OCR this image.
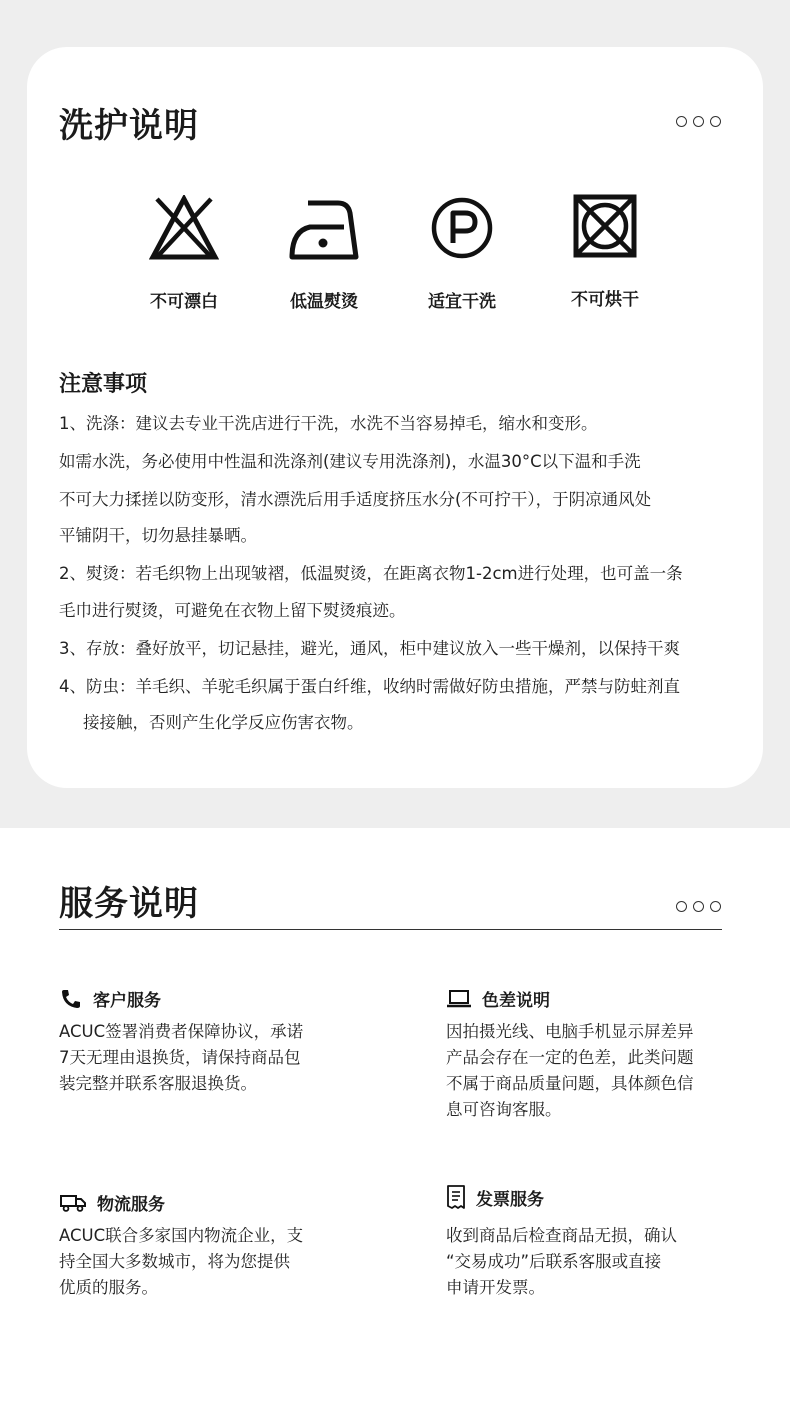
洗护说明
不可漂白	低温熨烫	适宜干洗	不可烘干
注意事项
1、洗涤：建议去专业干洗店进行干洗，水洗不当容易掉毛，缩水和变形。
如需水洗，务必使用中性温和洗涤剂(建议专用洗涤剂)，水温30°C以下温和手洗
不可大力揉搓以防变形，清水漂洗后用手适度挤压水分(不可拧干），于阴凉通风处
平铺阴干，切勿悬挂暴晒。
2、熨烫：若毛织物上出现皱褶，低温熨烫，在距离衣物1-2cm进行处理，也可盖一条
毛巾进行熨烫，可避免在衣物上留下熨烫痕迹。
3、存放：叠好放平，切记悬挂，避光，通风，柜中建议放入一些干燥剂，以保持干爽
4、防虫：羊毛织、羊驼毛织属于蛋白纤维，收纳时需做好防虫措施，严禁与防蛀剂直
接接触，否则产生化学反应伤害衣物。
服务说明
客户服务
ACUC签署消费者保障协议，承诺
7天无理由退换货，请保持商品包
装完整并联系客服退换货。
色差说明
因拍摄光线、电脑手机显示屏差异
产品会存在一定的色差，此类问题
不属于商品质量问题，具体颜色信
息可咨询客服。
物流服务
ACUC联合多家国内物流企业，支
持全国大多数城市，将为您提供
优质的服务。
发票服务
收到商品后检查商品无损，确认
“交易成功”后联系客服或直接
申请开发票。
